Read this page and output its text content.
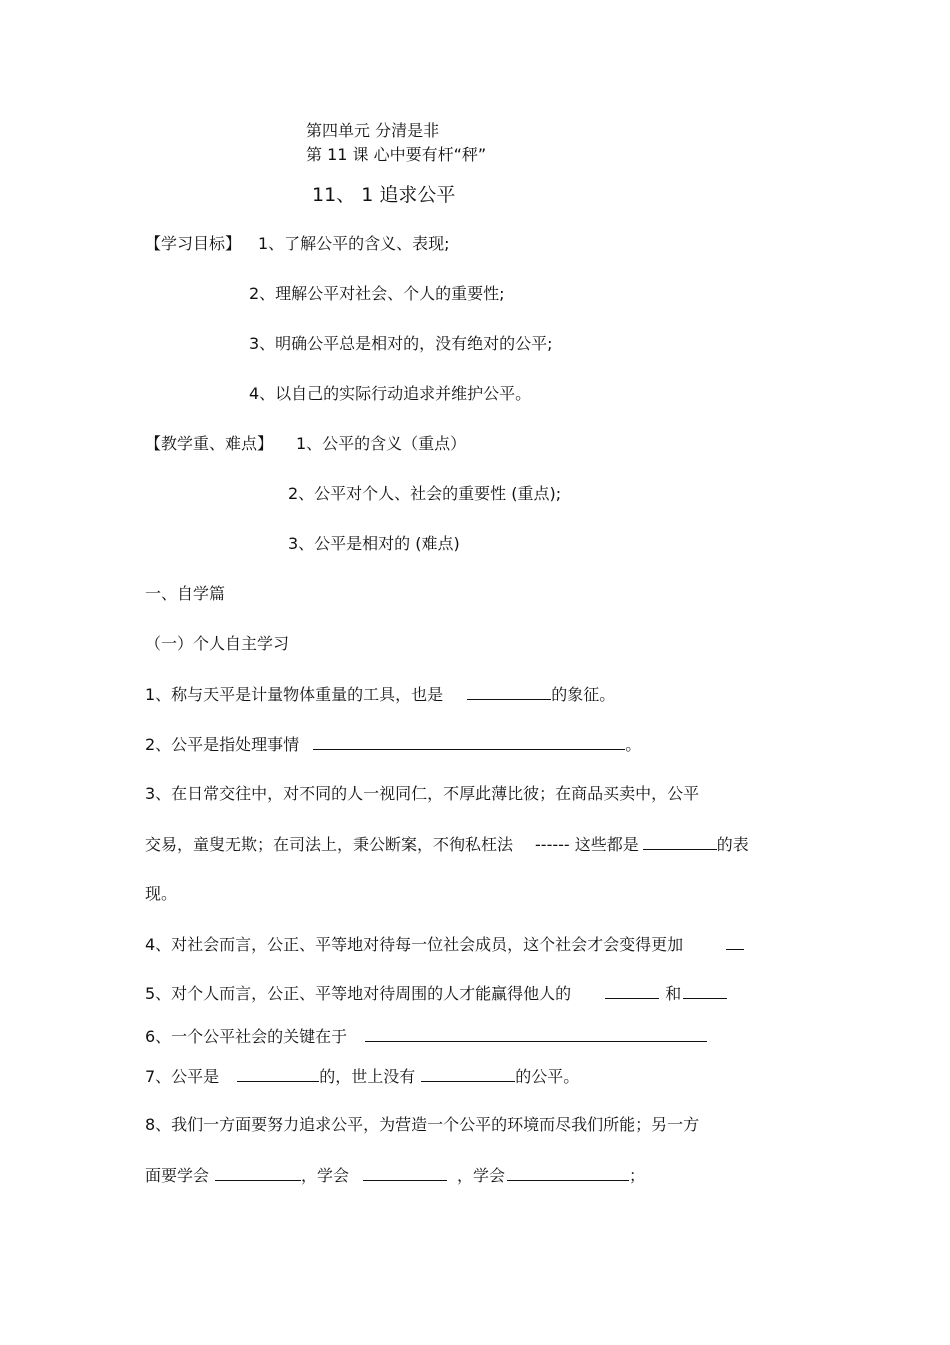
第四单元 分清是非
第 11 课 心中要有杆“秤”
11、 1 追求公平
【学习目标】 1、了解公平的含义、表现;
2、理解公平对社会、个人的重要性;
3、明确公平总是相对的，没有绝对的公平;
4、以自己的实际行动追求并维护公平。
【教学重、难点】 1、公平的含义（重点）
2、公平对个人、社会的重要性 (重点);
3、公平是相对的 (难点)
一、自学篇
（一）个人自主学习
1、称与天平是计量物体重量的工具，也是	的象征。
2、公平是指处理事情	。
3、在日常交往中，对不同的人一视同仁，不厚此薄比彼；在商品买卖中，公平
交易，童叟无欺；在司法上，秉公断案，不徇私枉法 ------ 这些都是	的表
现。
4、对社会而言，公正、平等地对待每一位社会成员，这个社会才会变得更加
5、对个人而言，公正、平等地对待周围的人才能赢得他人的	和
6、一个公平社会的关键在于
7、公平是	的，世上没有	的公平。
8、我们一方面要努力追求公平，为营造一个公平的环境而尽我们所能；另一方
面要学会	，学会	，学会	；
